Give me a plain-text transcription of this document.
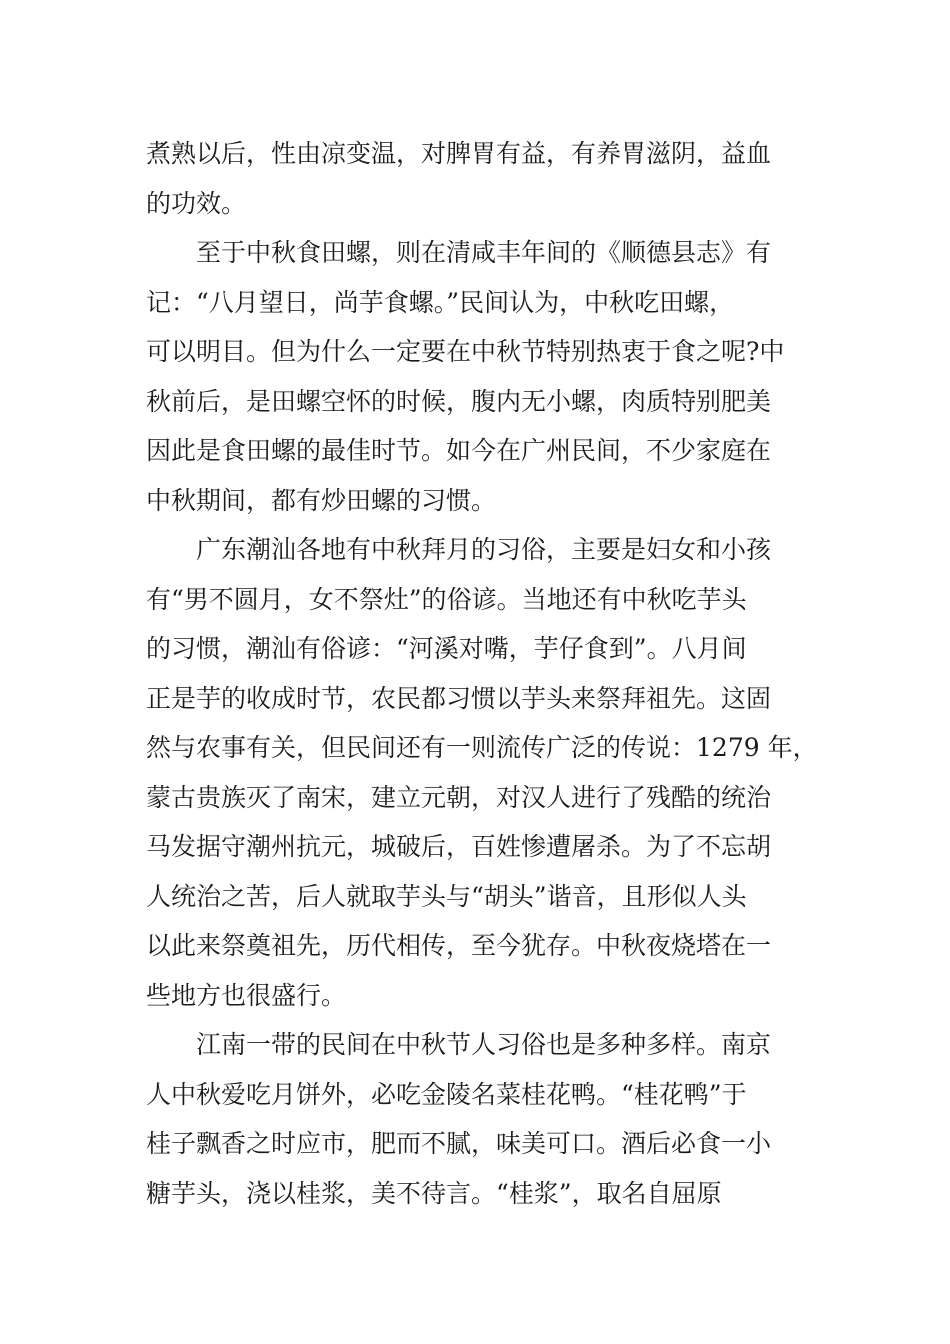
煮熟以后，性由凉变温，对脾胃有益，有养胃滋阴，益血
的功效。
至于中秋食田螺，则在清咸丰年间的《顺德县志》有
记：“八月望日，尚芋食螺。”民间认为，中秋吃田螺，
可以明目。但为什么一定要在中秋节特别热衷于食之呢?中
秋前后，是田螺空怀的时候，腹内无小螺，肉质特别肥美
因此是食田螺的最佳时节。如今在广州民间，不少家庭在
中秋期间，都有炒田螺的习惯。
广东潮汕各地有中秋拜月的习俗，主要是妇女和小孩
有“男不圆月，女不祭灶”的俗谚。当地还有中秋吃芋头
的习惯，潮汕有俗谚：“河溪对嘴，芋仔食到”。八月间
正是芋的收成时节，农民都习惯以芋头来祭拜祖先。这固
然与农事有关，但民间还有一则流传广泛的传说：1279 年，
蒙古贵族灭了南宋，建立元朝，对汉人进行了残酷的统治
马发据守潮州抗元，城破后，百姓惨遭屠杀。为了不忘胡
人统治之苦，后人就取芋头与“胡头”谐音，且形似人头
以此来祭奠祖先，历代相传，至今犹存。中秋夜烧塔在一
些地方也很盛行。
江南一带的民间在中秋节人习俗也是多种多样。南京
人中秋爱吃月饼外，必吃金陵名菜桂花鸭。“桂花鸭”于
桂子飘香之时应市，肥而不腻，味美可口。酒后必食一小
糖芋头，浇以桂浆，美不待言。“桂浆”，取名自屈原
